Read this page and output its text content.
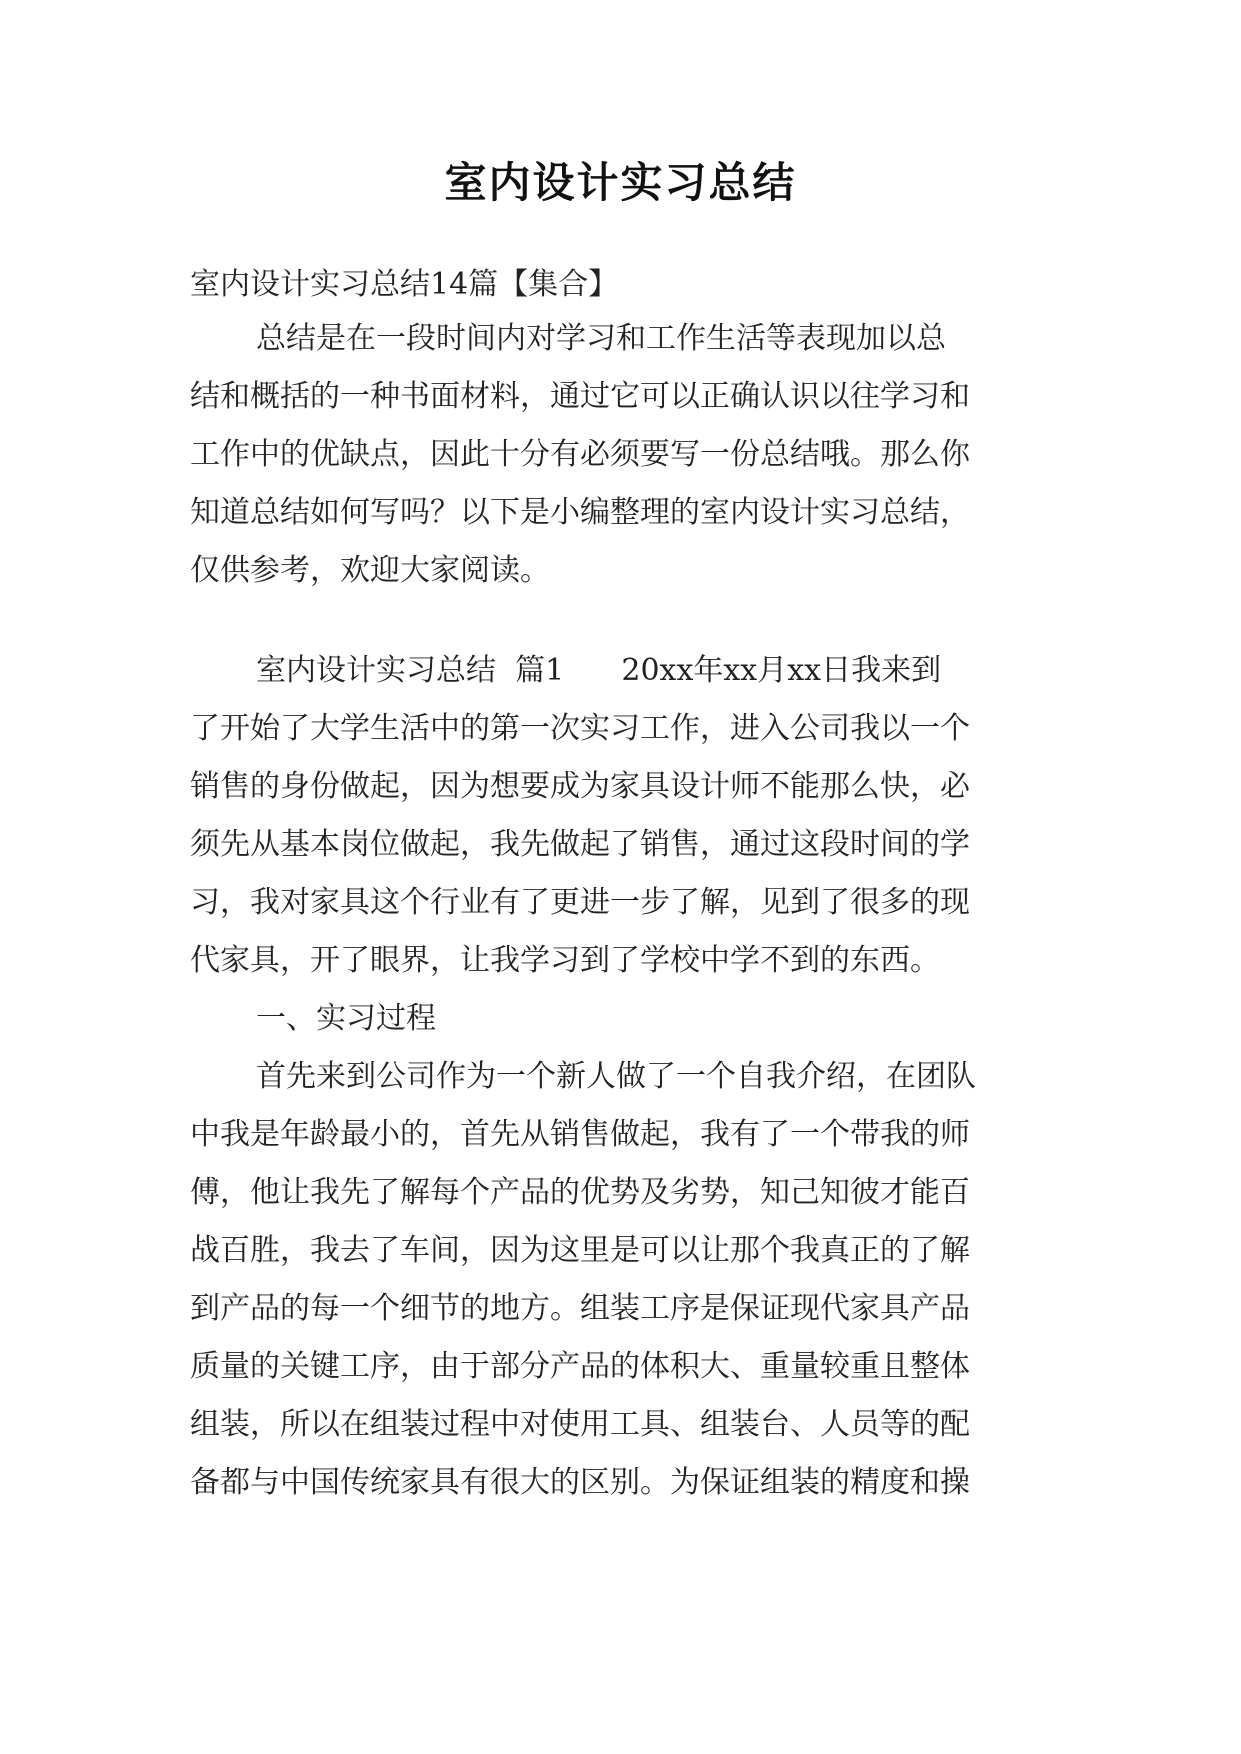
室内设计实习总结
室内设计实习总结14篇【集合】
总结是在一段时间内对学习和工作生活等表现加以总
结和概括的一种书面材料，通过它可以正确认识以往学习和
工作中的优缺点，因此十分有必须要写一份总结哦。那么你
知道总结如何写吗？以下是小编整理的室内设计实习总结，
仅供参考，欢迎大家阅读。
室内设计实习总结  篇1      20xx年xx月xx日我来到
了开始了大学生活中的第一次实习工作，进入公司我以一个
销售的身份做起，因为想要成为家具设计师不能那么快，必
须先从基本岗位做起，我先做起了销售，通过这段时间的学
习，我对家具这个行业有了更进一步了解，见到了很多的现
代家具，开了眼界，让我学习到了学校中学不到的东西。
一、实习过程
首先来到公司作为一个新人做了一个自我介绍，在团队
中我是年龄最小的，首先从销售做起，我有了一个带我的师
傅，他让我先了解每个产品的优势及劣势，知己知彼才能百
战百胜，我去了车间，因为这里是可以让那个我真正的了解
到产品的每一个细节的地方。组装工序是保证现代家具产品
质量的关键工序，由于部分产品的体积大、重量较重且整体
组装，所以在组装过程中对使用工具、组装台、人员等的配
备都与中国传统家具有很大的区别。为保证组装的精度和操
